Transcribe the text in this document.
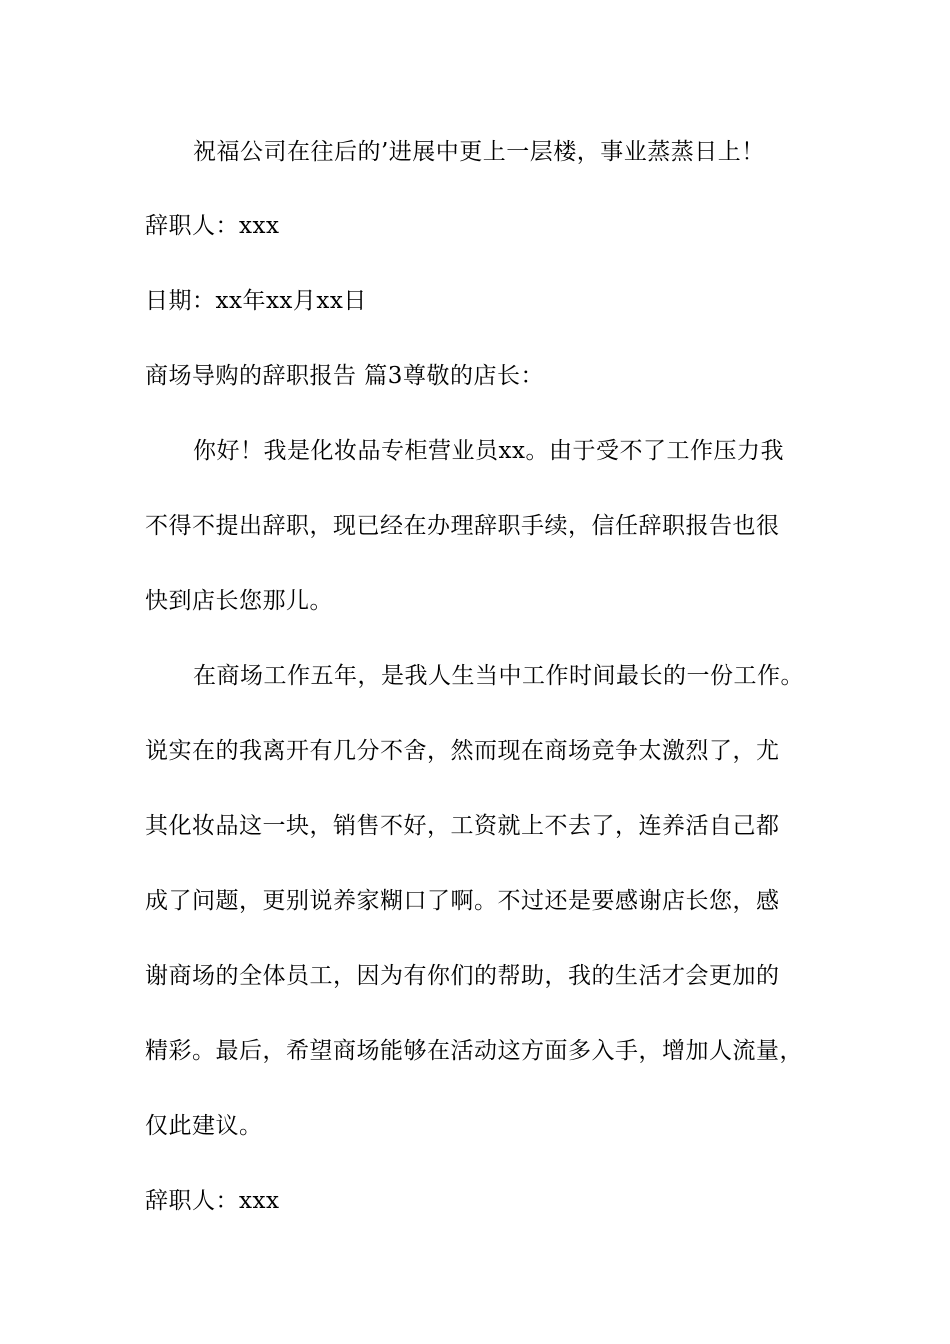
祝福公司在往后的’进展中更上一层楼，事业蒸蒸日上！
辞职人：xxx
日期：xx年xx月xx日
商场导购的辞职报告 篇3尊敬的店长：
你好！我是化妆品专柜营业员xx。由于受不了工作压力我
不得不提出辞职，现已经在办理辞职手续，信任辞职报告也很
快到店长您那儿。
在商场工作五年，是我人生当中工作时间最长的一份工作。
说实在的我离开有几分不舍，然而现在商场竞争太激烈了，尤
其化妆品这一块，销售不好，工资就上不去了，连养活自己都
成了问题，更别说养家糊口了啊。不过还是要感谢店长您，感
谢商场的全体员工，因为有你们的帮助，我的生活才会更加的
精彩。最后，希望商场能够在活动这方面多入手，增加人流量，
仅此建议。
辞职人：xxx
